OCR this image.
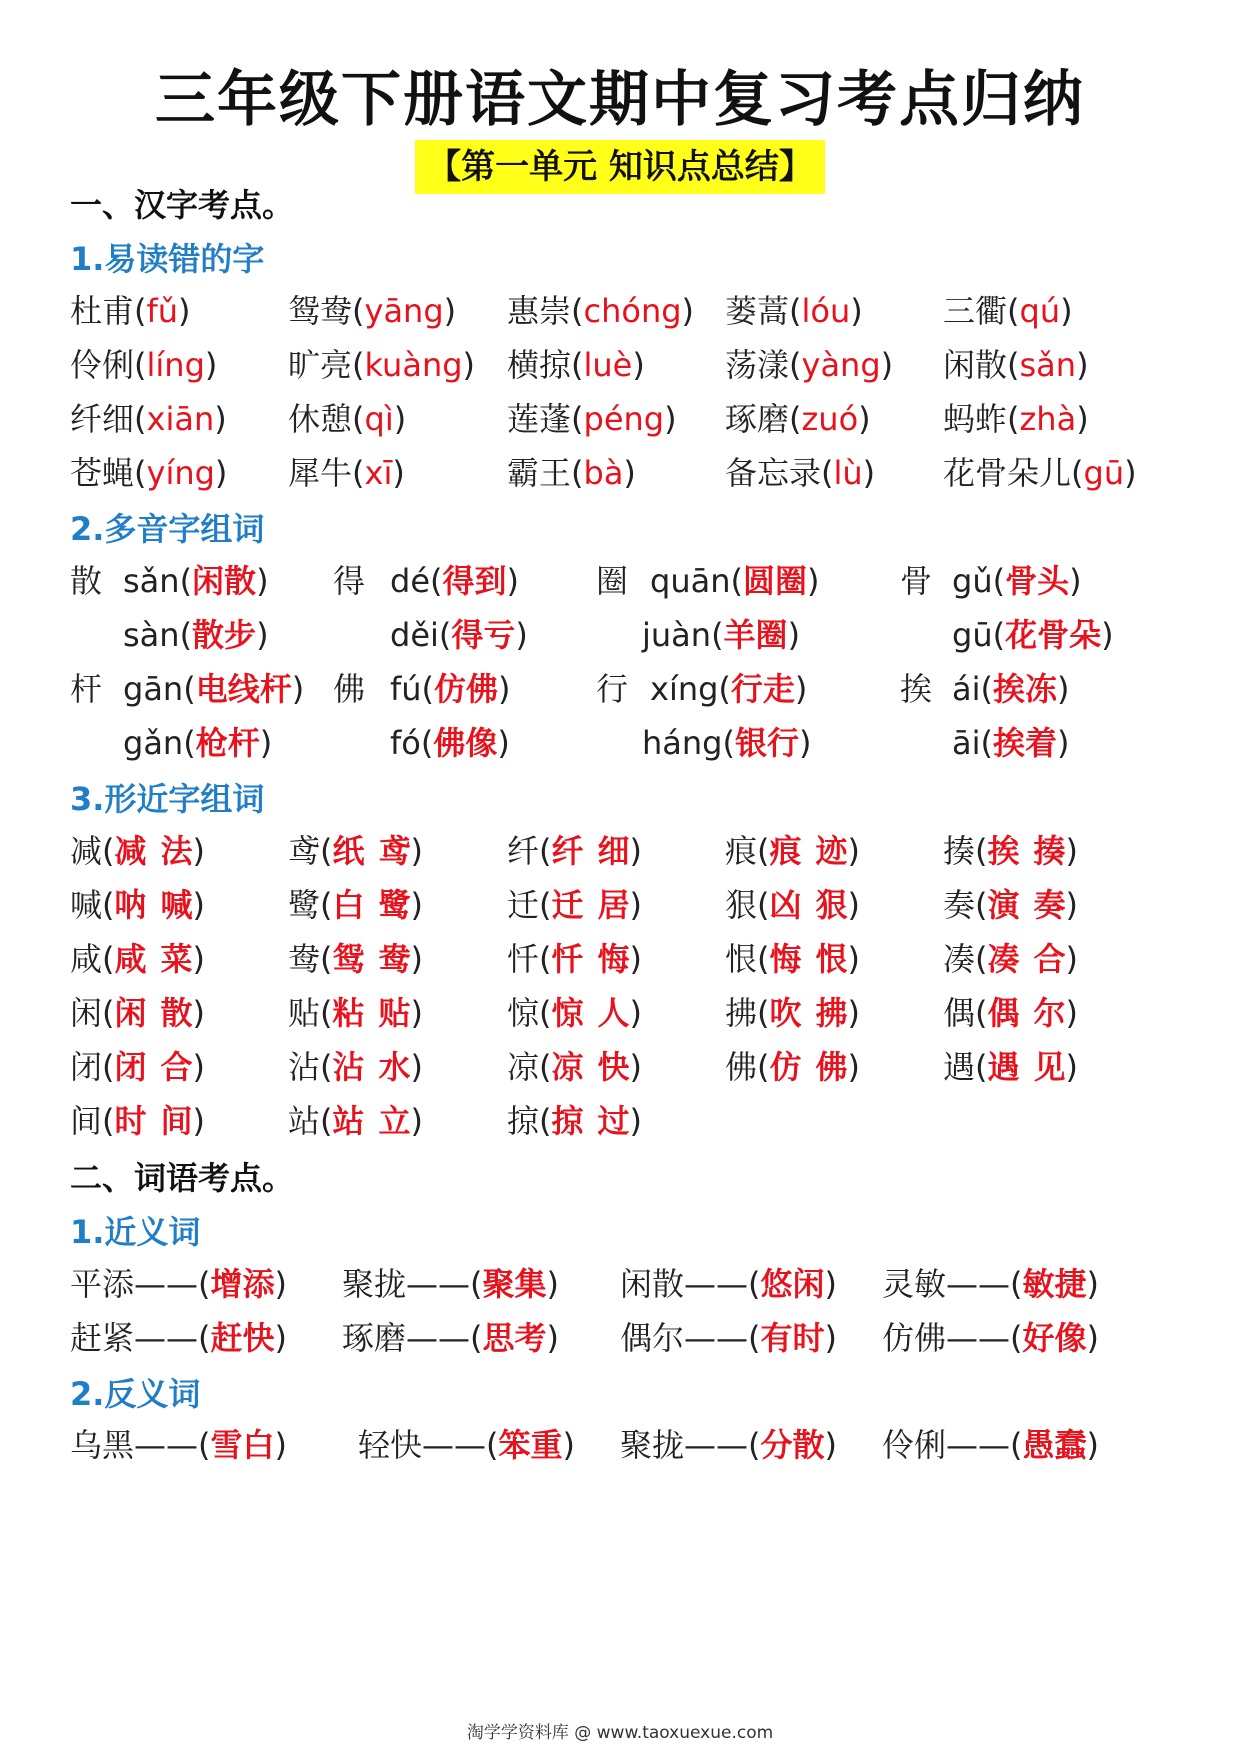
三年级下册语文期中复习考点归纳
【第一单元 知识点总结】
一、汉字考点。
1.易读错的字
杜甫(fǔ)	鸳鸯(yāng) 惠崇(chóng) 蒌蒿(lóu)	三衢(qú)
伶俐(líng) 旷亮(kuàng) 横掠(luè)	荡漾(yàng) 闲散(sǎn)
纤细(xiān) 休憩(qì)	莲蓬(péng) 琢磨(zuó) 蚂蚱(zhà)
苍蝇(yíng) 犀牛(xī)	霸王(bà)	备忘录(lù) 花骨朵儿(gū)
2.多音字组词
散 sǎn(闲散) 得 dé(得到) 圈 quān(圆圈)	骨 gǔ(骨头)
sàn(散步)	děi(得亏)	juàn(羊圈)	gū(花骨朵)
杆 gān(电线杆) 佛 fú(仿佛)	行 xíng(行走)	挨 ái(挨冻)
gǎn(枪杆)	fó(佛像)	háng(银行)	āi(挨着)
3.形近字组词
减(减 法)	鸢(纸 鸢)	纤(纤 细)	痕(痕 迹)	揍(挨 揍)
喊(呐 喊)	鹭(白 鹭)	迁(迁 居)	狠(凶 狠)	奏(演 奏)
咸(咸 菜)	鸯(鸳 鸯)	忏(忏 悔)	恨(悔 恨)	凑(凑 合)
闲(闲 散)	贴(粘 贴)	惊(惊 人)	拂(吹 拂)	偶(偶 尔)
闭(闭 合)	沾(沾 水)	凉(凉 快)	佛(仿 佛)	遇(遇 见)
间(时 间)	站(站 立)	掠(掠 过)
二、词语考点。
1.近义词
平添——(增添) 聚拢——(聚集) 闲散——(悠闲) 灵敏——(敏捷)
赶紧——(赶快) 琢磨——(思考) 偶尔——(有时) 仿佛——(好像)
2.反义词
乌黑——(雪白) 轻快——(笨重) 聚拢——(分散) 伶俐——(愚蠢)
淘学学资料库 @ www.taoxuexue.com
